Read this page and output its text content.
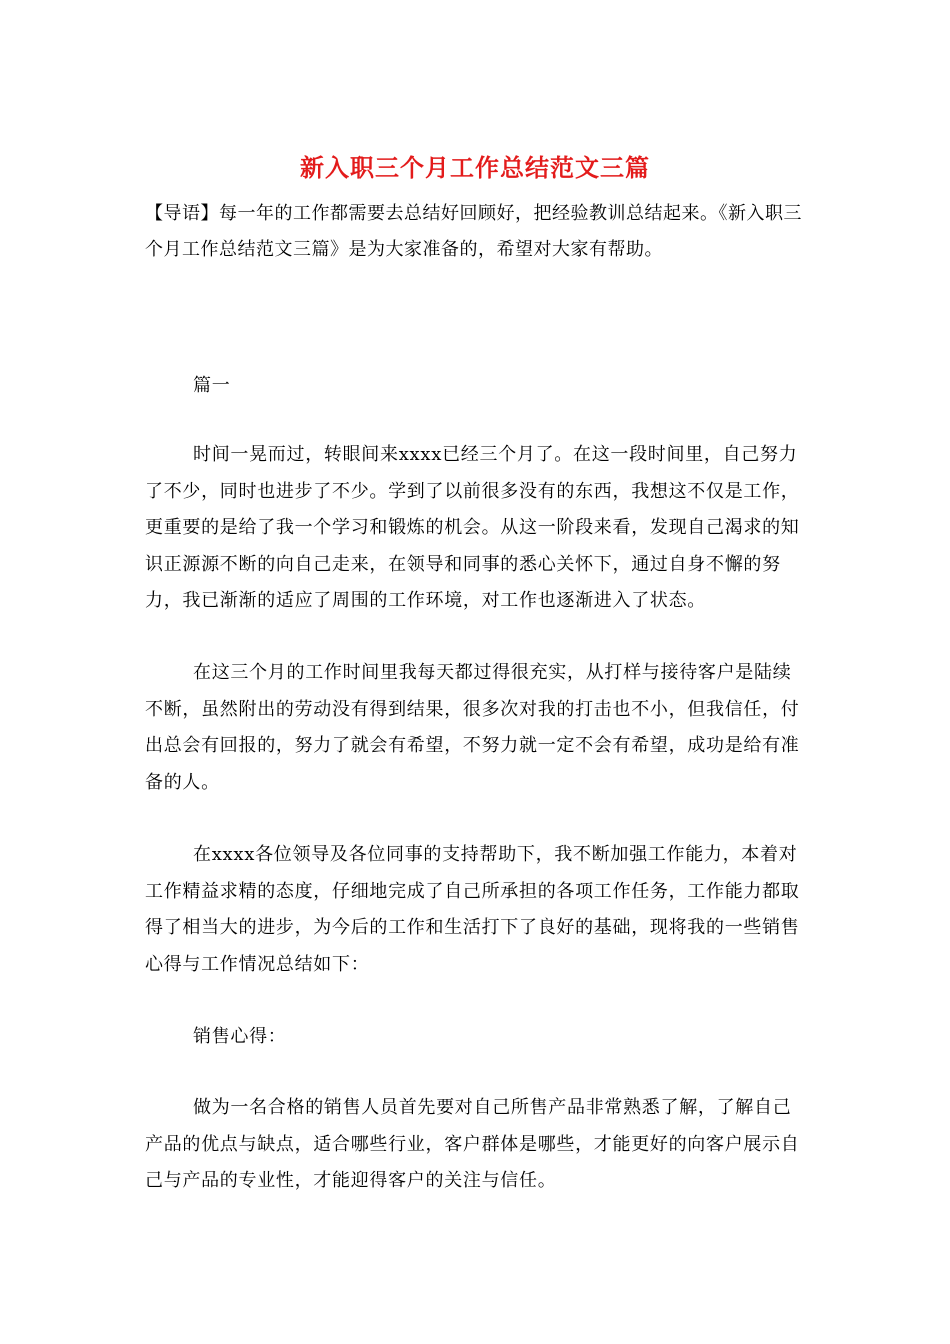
新入职三个月工作总结范文三篇
【导语】每一年的工作都需要去总结好回顾好，把经验教训总结起来。《新入职三个月工作总结范文三篇》是为大家准备的，希望对大家有帮助。

篇一

时间一晃而过，转眼间来xxxx已经三个月了。在这一段时间里，自己努力了不少，同时也进步了不少。学到了以前很多没有的东西，我想这不仅是工作，更重要的是给了我一个学习和锻炼的机会。从这一阶段来看，发现自己渴求的知识正源源不断的向自己走来，在领导和同事的悉心关怀下，通过自身不懈的努力，我已渐渐的适应了周围的工作环境，对工作也逐渐进入了状态。

在这三个月的工作时间里我每天都过得很充实，从打样与接待客户是陆续不断，虽然附出的劳动没有得到结果，很多次对我的打击也不小，但我信任，付出总会有回报的，努力了就会有希望，不努力就一定不会有希望，成功是给有准备的人。

在xxxx各位领导及各位同事的支持帮助下，我不断加强工作能力，本着对工作精益求精的态度，仔细地完成了自己所承担的各项工作任务，工作能力都取得了相当大的进步，为今后的工作和生活打下了良好的基础，现将我的一些销售心得与工作情况总结如下：

销售心得：

做为一名合格的销售人员首先要对自己所售产品非常熟悉了解，了解自己产品的优点与缺点，适合哪些行业，客户群体是哪些，才能更好的向客户展示自己与产品的专业性，才能迎得客户的关注与信任。
